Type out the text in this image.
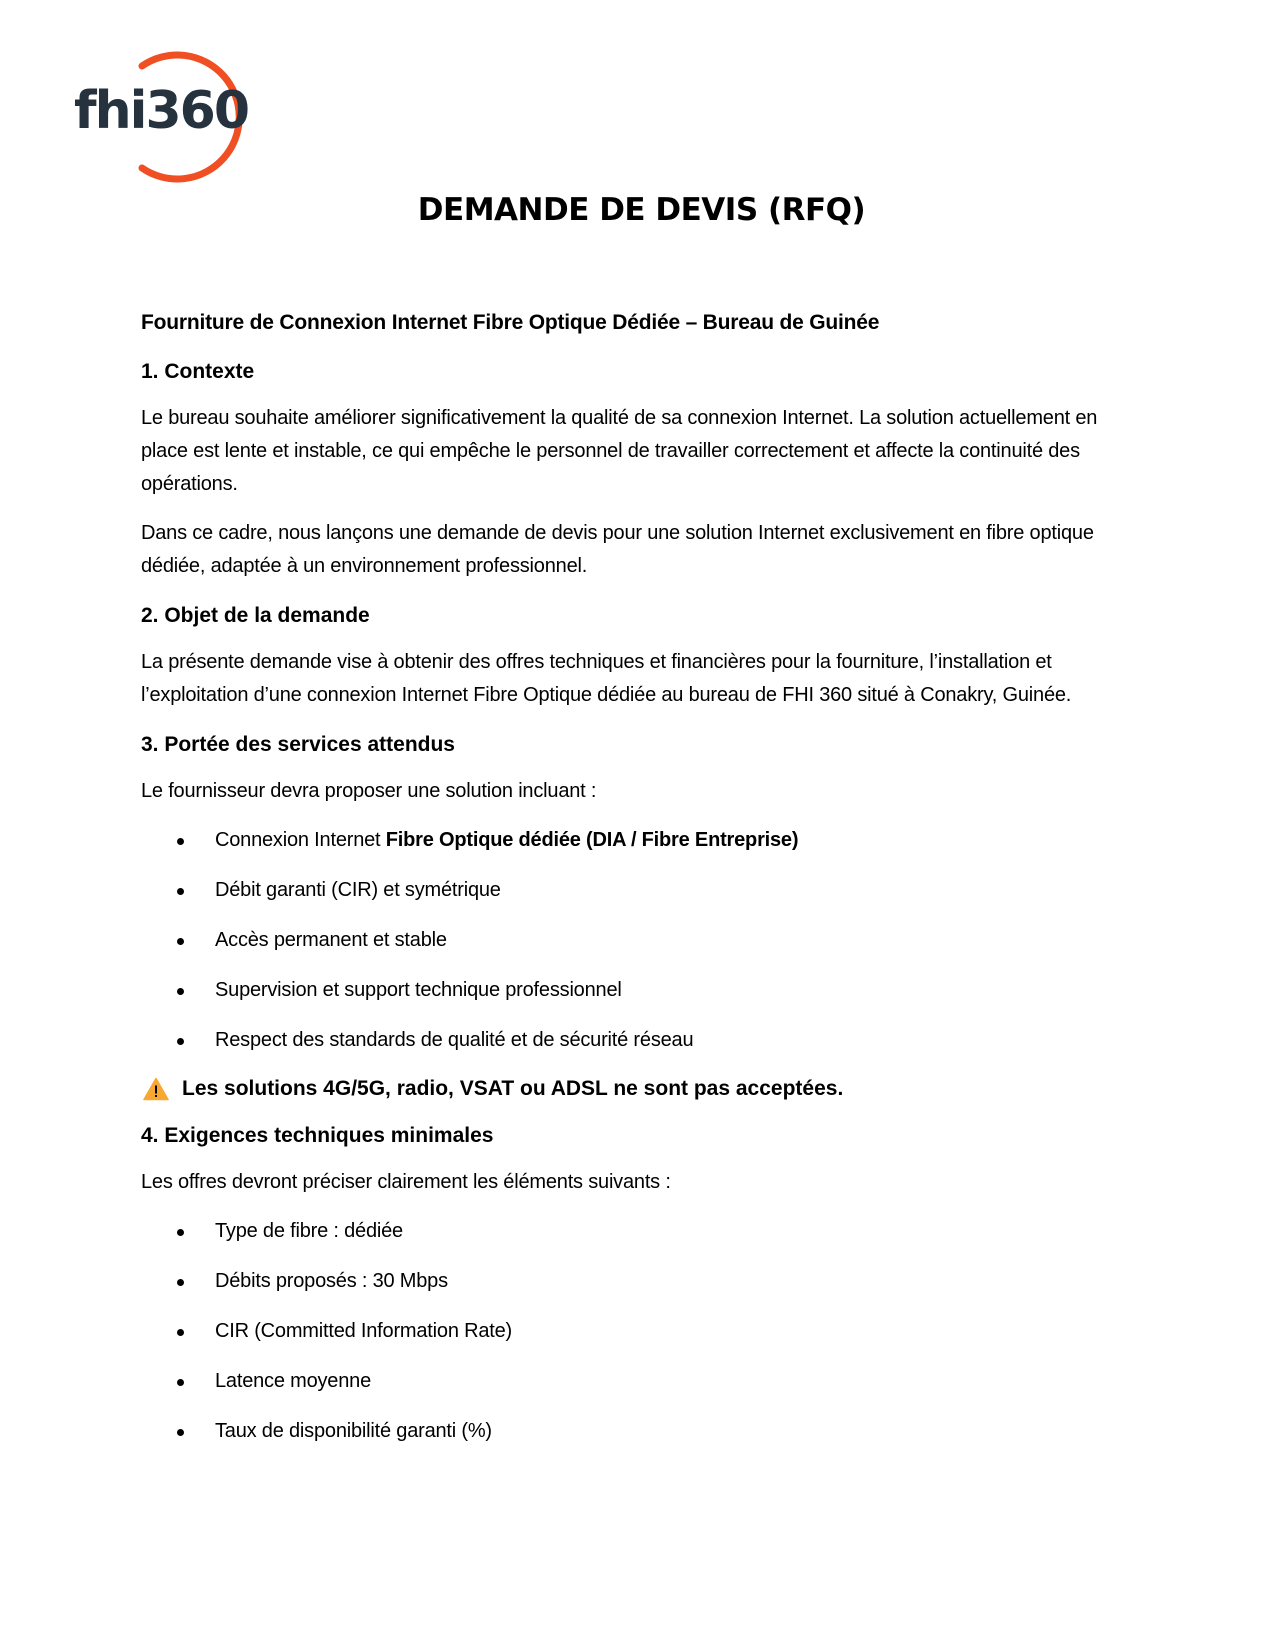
fhi360
DEMANDE DE DEVIS (RFQ)
Fourniture de Connexion Internet Fibre Optique Dédiée – Bureau de Guinée
1. Contexte

Le bureau souhaite améliorer significativement la qualité de sa connexion Internet. La solution actuellement en place est lente et instable, ce qui empêche le personnel de travailler correctement et affecte la continuité des opérations.

Dans ce cadre, nous lançons une demande de devis pour une solution Internet exclusivement en fibre optique dédiée, adaptée à un environnement professionnel.

2. Objet de la demande

La présente demande vise à obtenir des offres techniques et financières pour la fourniture, l’installation et l’exploitation d’une connexion Internet Fibre Optique dédiée au bureau de FHI 360 situé à Conakry, Guinée.

3. Portée des services attendus

Le fournisseur devra proposer une solution incluant :

Connexion Internet Fibre Optique dédiée (DIA / Fibre Entreprise)
Débit garanti (CIR) et symétrique
Accès permanent et stable
Supervision et support technique professionnel
Respect des standards de qualité et de sécurité réseau
Les solutions 4G/5G, radio, VSAT ou ADSL ne sont pas acceptées.
4. Exigences techniques minimales

Les offres devront préciser clairement les éléments suivants :

Type de fibre : dédiée
Débits proposés : 30 Mbps
CIR (Committed Information Rate)
Latence moyenne
Taux de disponibilité garanti (%)
